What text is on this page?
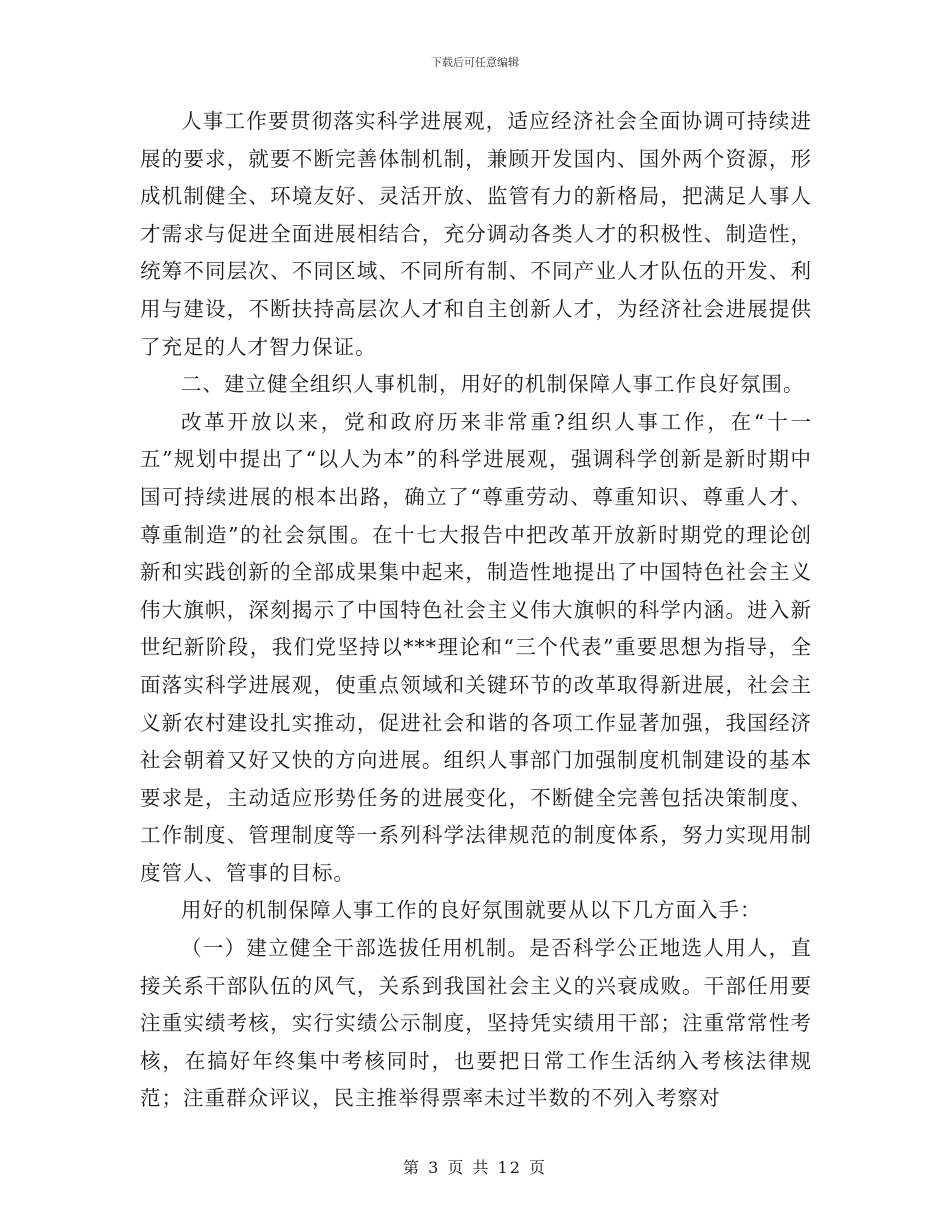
下载后可任意编辑

人事工作要贯彻落实科学进展观，适应经济社会全面协调可持续进展的要求，就要不断完善体制机制，兼顾开发国内、国外两个资源，形成机制健全、环境友好、灵活开放、监管有力的新格局，把满足人事人才需求与促进全面进展相结合，充分调动各类人才的积极性、制造性，统筹不同层次、不同区域、不同所有制、不同产业人才队伍的开发、利用与建设，不断扶持高层次人才和自主创新人才，为经济社会进展提供了充足的人才智力保证。

二、建立健全组织人事机制，用好的机制保障人事工作良好氛围。

改革开放以来，党和政府历来非常重?组织人事工作，在“十一五”规划中提出了“以人为本”的科学进展观，强调科学创新是新时期中国可持续进展的根本出路，确立了“尊重劳动、尊重知识、尊重人才、尊重制造”的社会氛围。在十七大报告中把改革开放新时期党的理论创新和实践创新的全部成果集中起来，制造性地提出了中国特色社会主义伟大旗帜，深刻揭示了中国特色社会主义伟大旗帜的科学内涵。进入新世纪新阶段，我们党坚持以***理论和“三个代表”重要思想为指导，全面落实科学进展观，使重点领域和关键环节的改革取得新进展，社会主义新农村建设扎实推动，促进社会和谐的各项工作显著加强，我国经济社会朝着又好又快的方向进展。组织人事部门加强制度机制建设的基本要求是，主动适应形势任务的进展变化，不断健全完善包括决策制度、工作制度、管理制度等一系列科学法律规范的制度体系，努力实现用制度管人、管事的目标。

用好的机制保障人事工作的良好氛围就要从以下几方面入手：

（一）建立健全干部选拔任用机制。是否科学公正地选人用人，直接关系干部队伍的风气，关系到我国社会主义的兴衰成败。干部任用要注重实绩考核，实行实绩公示制度，坚持凭实绩用干部；注重常常性考核，在搞好年终集中考核同时，也要把日常工作生活纳入考核法律规范；注重群众评议，民主推举得票率未过半数的不列入考察对

第 3 页 共 12 页
